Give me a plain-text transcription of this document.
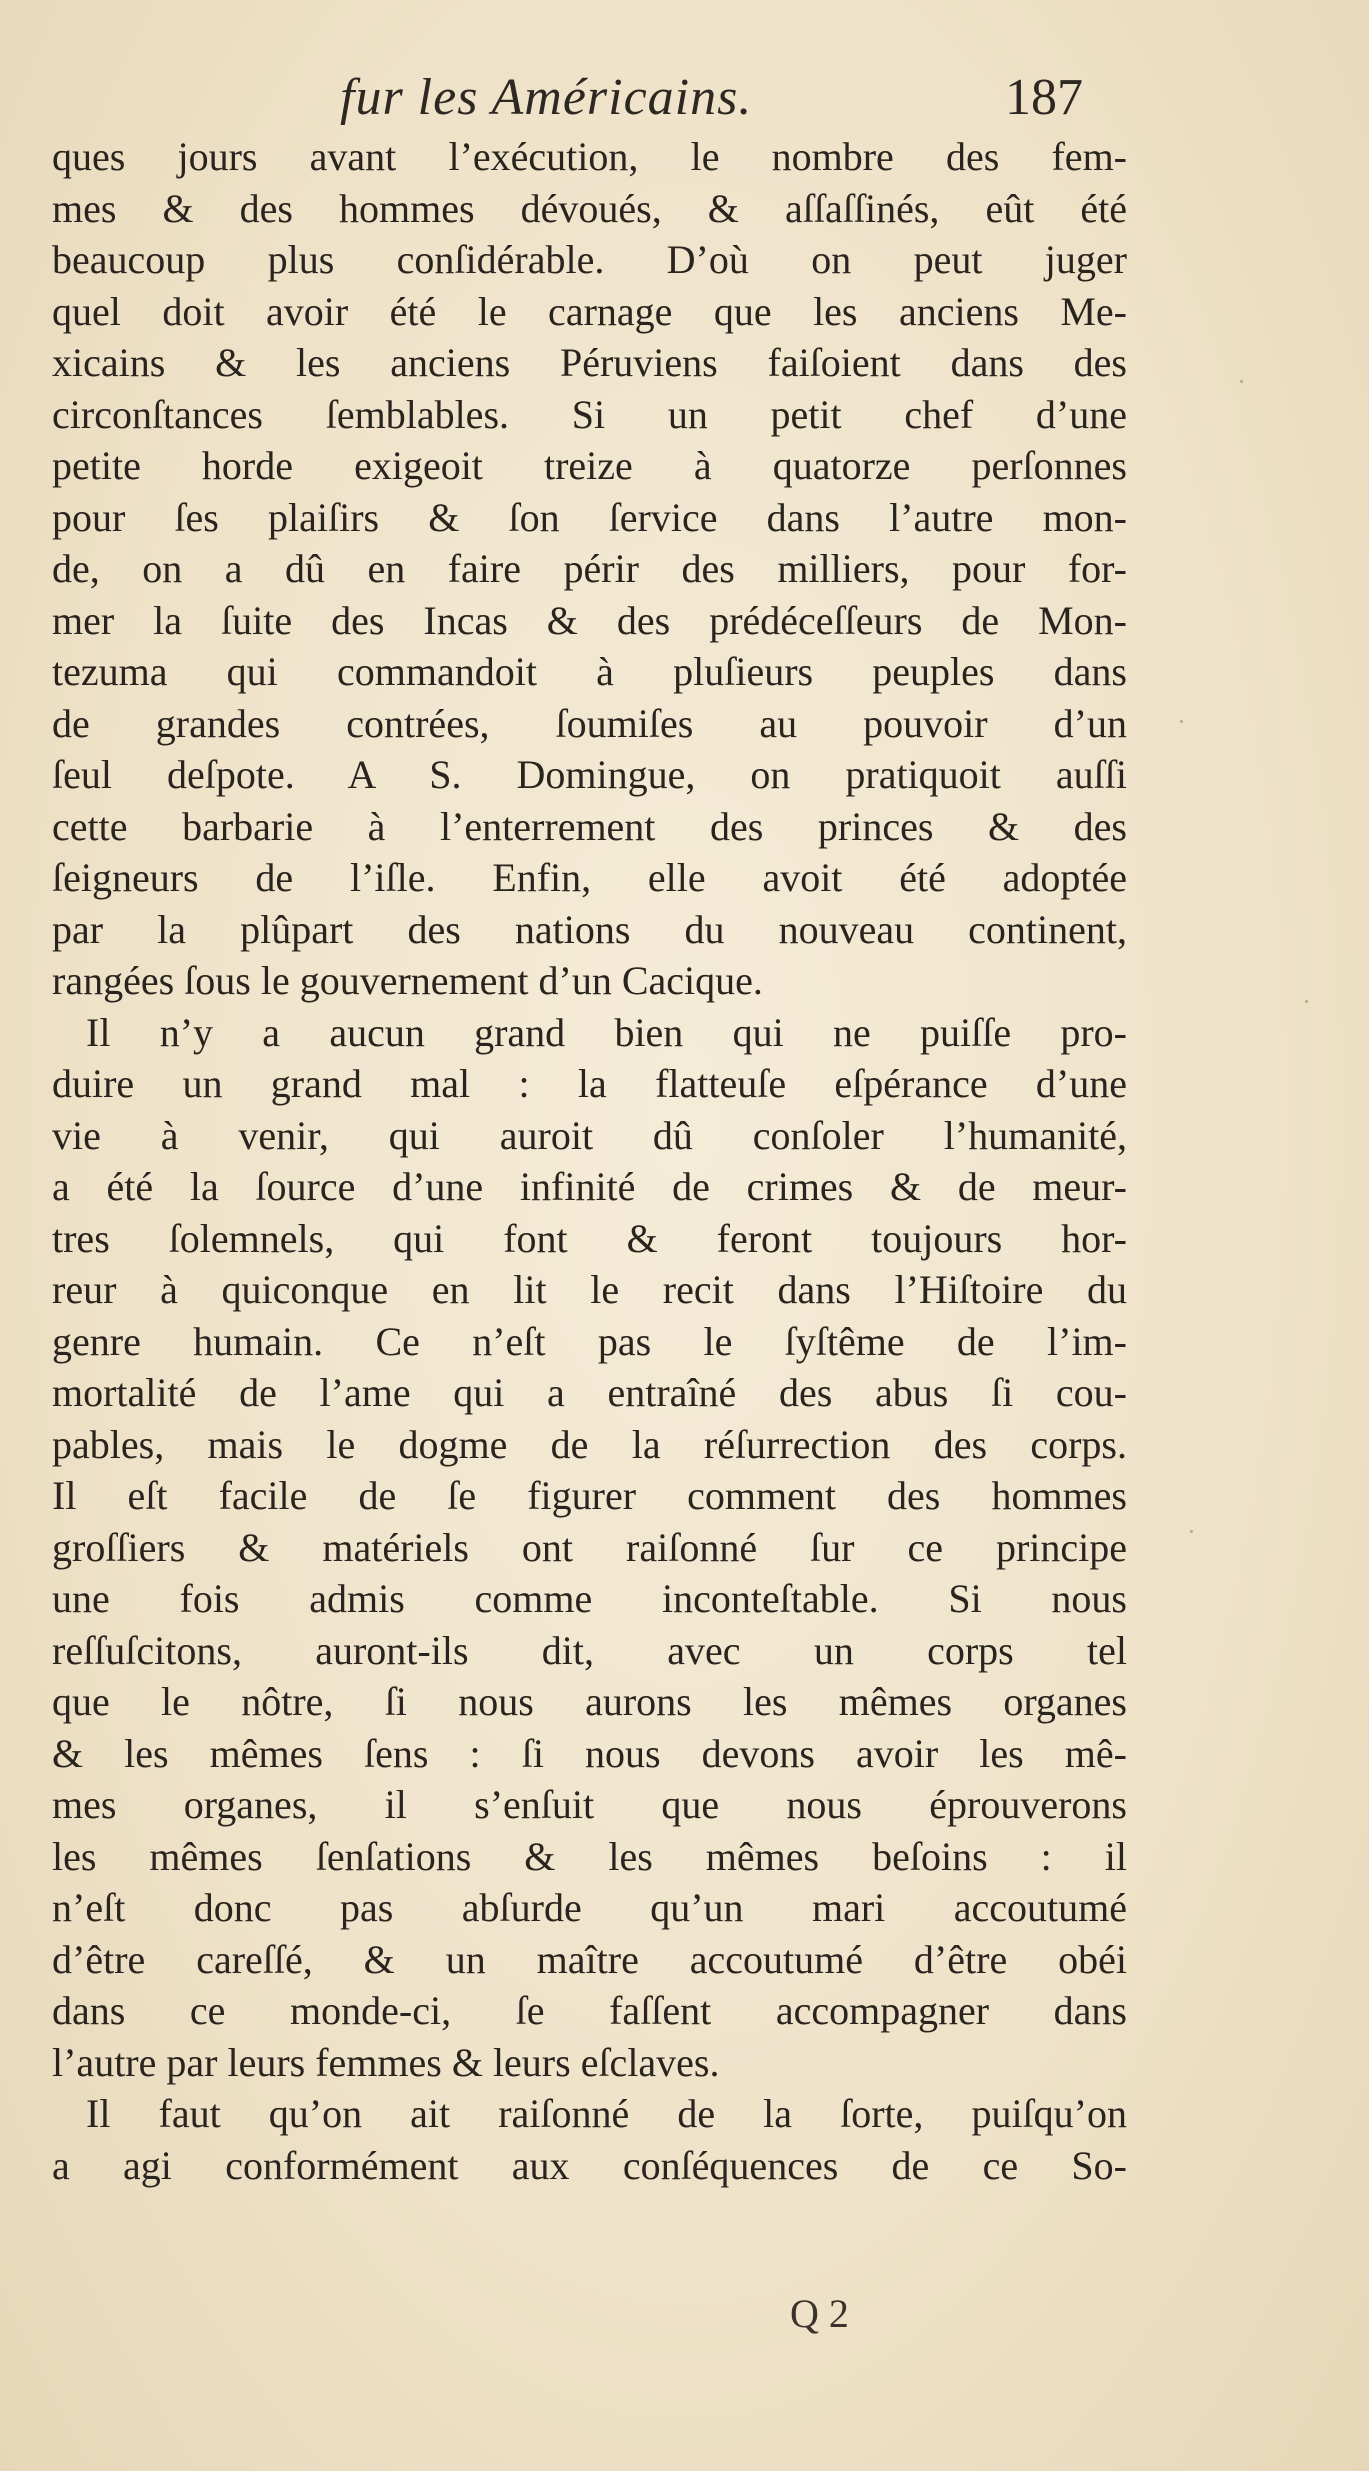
fur les Américains.	187
ques jours avant l’exécution, le nombre des fem-
mes & des hommes dévoués, & aſſaſſinés, eût été
beaucoup plus conſidérable. D’où on peut juger
quel doit avoir été le carnage que les anciens Me-
xicains & les anciens Péruviens faiſoient dans des
circonſtances ſemblables. Si un petit chef d’une
petite horde exigeoit treize à quatorze perſonnes
pour ſes plaiſirs & ſon ſervice dans l’autre mon-
de, on a dû en faire périr des milliers, pour for-
mer la ſuite des Incas & des prédéceſſeurs de Mon-
tezuma qui commandoit à pluſieurs peuples dans
de grandes contrées, ſoumiſes au pouvoir d’un
ſeul deſpote. A S. Domingue, on pratiquoit auſſi
cette barbarie à l’enterrement des princes & des
ſeigneurs de l’iſle. Enfin, elle avoit été adoptée
par la plûpart des nations du nouveau continent,
rangées ſous le gouvernement d’un Cacique.
Il n’y a aucun grand bien qui ne puiſſe pro-
duire un grand mal : la flatteuſe eſpérance d’une
vie à venir, qui auroit dû conſoler l’humanité,
a été la ſource d’une infinité de crimes & de meur-
tres ſolemnels, qui font & feront toujours hor-
reur à quiconque en lit le recit dans l’Hiſtoire du
genre humain. Ce n’eſt pas le ſyſtême de l’im-
mortalité de l’ame qui a entraîné des abus ſi cou-
pables, mais le dogme de la réſurrection des corps.
Il eſt facile de ſe figurer comment des hommes
groſſiers & matériels ont raiſonné ſur ce principe
une fois admis comme inconteſtable. Si nous
reſſuſcitons, auront-ils dit, avec un corps tel
que le nôtre, ſi nous aurons les mêmes organes
& les mêmes ſens : ſi nous devons avoir les mê-
mes organes, il s’enſuit que nous éprouverons
les mêmes ſenſations & les mêmes beſoins : il
n’eſt donc pas abſurde qu’un mari accoutumé
d’être careſſé, & un maître accoutumé d’être obéi
dans ce monde-ci, ſe faſſent accompagner dans
l’autre par leurs femmes & leurs eſclaves.
Il faut qu’on ait raiſonné de la ſorte, puiſqu’on
a agi conformément aux conſéquences de ce So-
Q 2
